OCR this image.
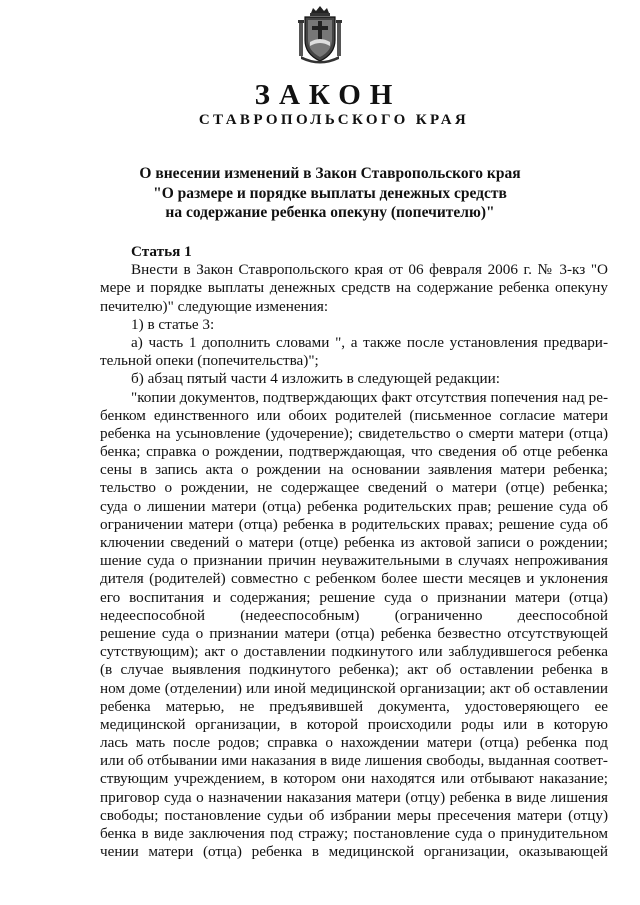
ЗАКОН
СТАВРОПОЛЬСКОГО КРАЯ
О внесении изменений в Закон Ставропольского края
"О размере и порядке выплаты денежных средств
на содержание ребенка опекуну (попечителю)"
Статья 1
Внести в Закон Ставропольского края от 06 февраля 2006 г. № 3-кз "О
мере и порядке выплаты денежных средств на содержание ребенка опекуну
печителю)" следующие изменения:
1) в статье 3:
а) часть 1 дополнить словами ", а также после установления предвари-
тельной опеки (попечительства)";
б) абзац пятый части 4 изложить в следующей редакции:
"копии документов, подтверждающих факт отсутствия попечения над ре-
бенком единственного или обоих родителей (письменное согласие матери
ребенка на усыновление (удочерение); свидетельство о смерти матери (отца)
бенка; справка о рождении, подтверждающая, что сведения об отце ребенка
сены в запись акта о рождении на основании заявления матери ребенка;
тельство о рождении, не содержащее сведений о матери (отце) ребенка;
суда о лишении матери (отца) ребенка родительских прав; решение суда об
ограничении матери (отца) ребенка в родительских правах; решение суда об
ключении сведений о матери (отце) ребенка из актовой записи о рождении;
шение суда о признании причин неуважительными в случаях непроживания
дителя (родителей) совместно с ребенком более шести месяцев и уклонения
его воспитания и содержания; решение суда о признании матери (отца)
недееспособной (недееспособным) (ограниченно дееспособной
решение суда о признании матери (отца) ребенка безвестно отсутствующей
сутствующим); акт о доставлении подкинутого или заблудившегося ребенка
(в случае выявления подкинутого ребенка); акт об оставлении ребенка в
ном доме (отделении) или иной медицинской организации; акт об оставлении
ребенка матерью, не предъявившей документа, удостоверяющего ее
медицинской организации, в которой происходили роды или в которую
лась мать после родов; справка о нахождении матери (отца) ребенка под
или об отбывании ими наказания в виде лишения свободы, выданная соответ-
ствующим учреждением, в котором они находятся или отбывают наказание;
приговор суда о назначении наказания матери (отцу) ребенка в виде лишения
свободы; постановление судьи об избрании меры пресечения матери (отцу)
бенка в виде заключения под стражу; постановление суда о принудительном
чении матери (отца) ребенка в медицинской организации, оказывающей
